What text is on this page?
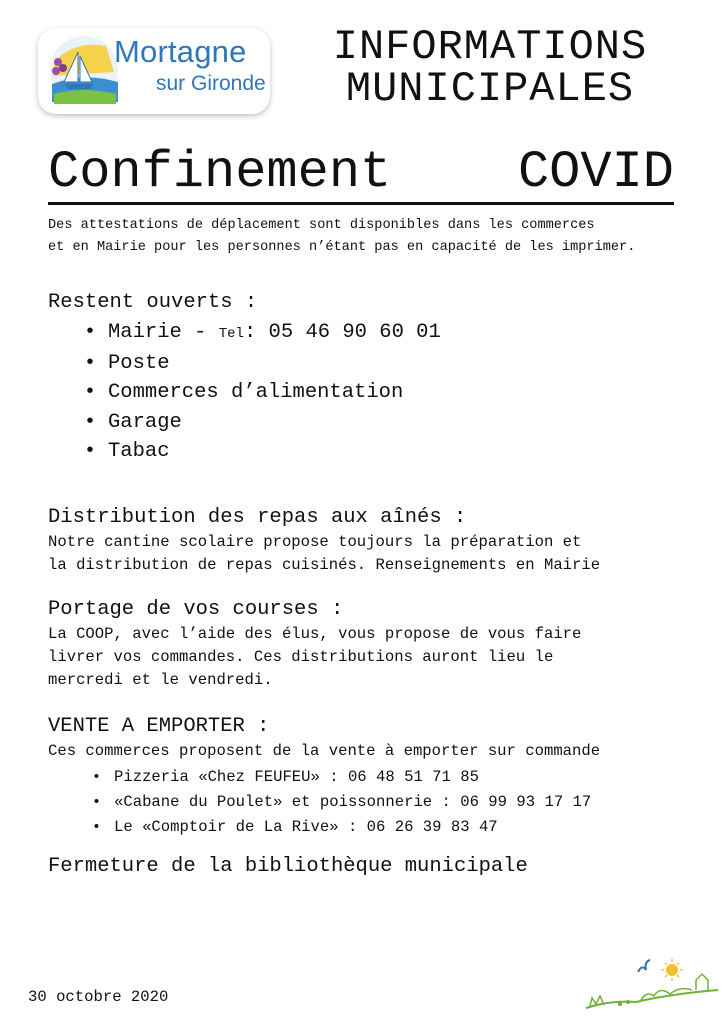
Mortagne
sur Gironde
INFORMATIONS
MUNICIPALES
Confinement COVID
Des attestations de déplacement sont disponibles dans les commerces
et en Mairie pour les personnes n’étant pas en capacité de les imprimer.
Restent ouverts :
• Mairie -
Tel : 05 46 90 60 01
• Poste
• Commerces d’alimentation
• Garage
• Tabac
Distribution des repas aux aînés :
Notre cantine scolaire propose toujours la préparation et
la distribution de repas cuisinés. Renseignements en Mairie
Portage de vos courses :
La COOP, avec l’aide des élus, vous propose de vous faire
livrer vos commandes. Ces distributions auront lieu le
mercredi et le vendredi.
VENTE A EMPORTER :
Ces commerces proposent de la vente à emporter sur commande
• Pizzeria «Chez FEUFEU» : 06 48 51 71 85
• «Cabane du Poulet» et poissonnerie : 06 99 93 17 17
• Le «Comptoir de La Rive» : 06 26 39 83 47
Fermeture de la bibliothèque municipale
30 octobre 2020
